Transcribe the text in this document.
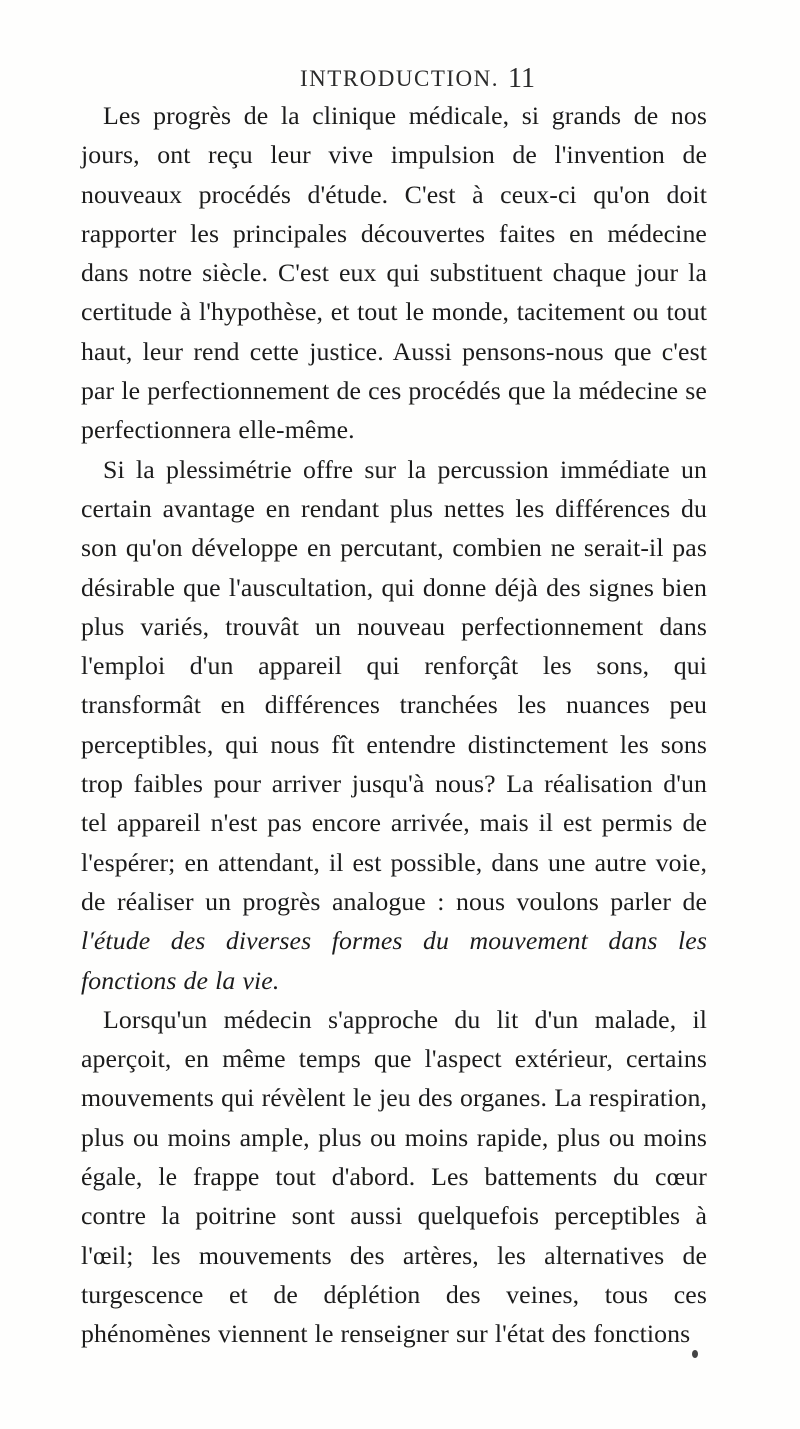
INTRODUCTION. 11

Les progrès de la clinique médicale, si grands de nos jours, ont reçu leur vive impulsion de l'invention de nouveaux procédés d'étude. C'est à ceux-ci qu'on doit rapporter les principales découvertes faites en médecine dans notre siècle. C'est eux qui substituent chaque jour la certitude à l'hypothèse, et tout le monde, tacitement ou tout haut, leur rend cette justice. Aussi pensons-nous que c'est par le perfectionnement de ces procédés que la médecine se perfectionnera elle-même.

Si la plessimétrie offre sur la percussion immédiate un certain avantage en rendant plus nettes les différences du son qu'on développe en percutant, combien ne serait-il pas désirable que l'auscultation, qui donne déjà des signes bien plus variés, trouvât un nouveau perfectionnement dans l'emploi d'un appareil qui renforçât les sons, qui transformât en différences tranchées les nuances peu perceptibles, qui nous fît entendre distinctement les sons trop faibles pour arriver jusqu'à nous? La réalisation d'un tel appareil n'est pas encore arrivée, mais il est permis de l'espérer; en attendant, il est possible, dans une autre voie, de réaliser un progrès analogue : nous voulons parler de l'étude des diverses formes du mouvement dans les fonctions de la vie.

Lorsqu'un médecin s'approche du lit d'un malade, il aperçoit, en même temps que l'aspect extérieur, certains mouvements qui révèlent le jeu des organes. La respiration, plus ou moins ample, plus ou moins rapide, plus ou moins égale, le frappe tout d'abord. Les battements du cœur contre la poitrine sont aussi quelquefois perceptibles à l'œil; les mouvements des artères, les alternatives de turgescence et de déplétion des veines, tous ces phénomènes viennent le renseigner sur l'état des fonctions
